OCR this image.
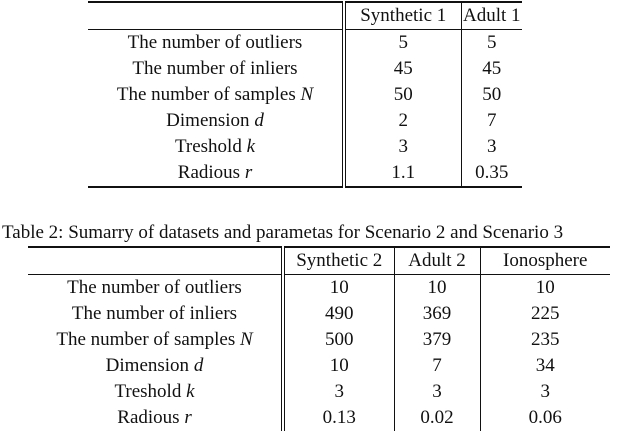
	Synthetic 1	Adult 1
The number of outliers	5	5
The number of inliers	45	45
The number of samples N	50	50
Dimension d	2	7
Treshold k	3	3
Radious r	1.1	0.35
Table 2: Sumarry of datasets and parametas for Scenario 2 and Scenario 3
	Synthetic 2	Adult 2	Ionosphere
The number of outliers	10	10	10
The number of inliers	490	369	225
The number of samples N	500	379	235
Dimension d	10	7	34
Treshold k	3	3	3
Radious r	0.13	0.02	0.06
